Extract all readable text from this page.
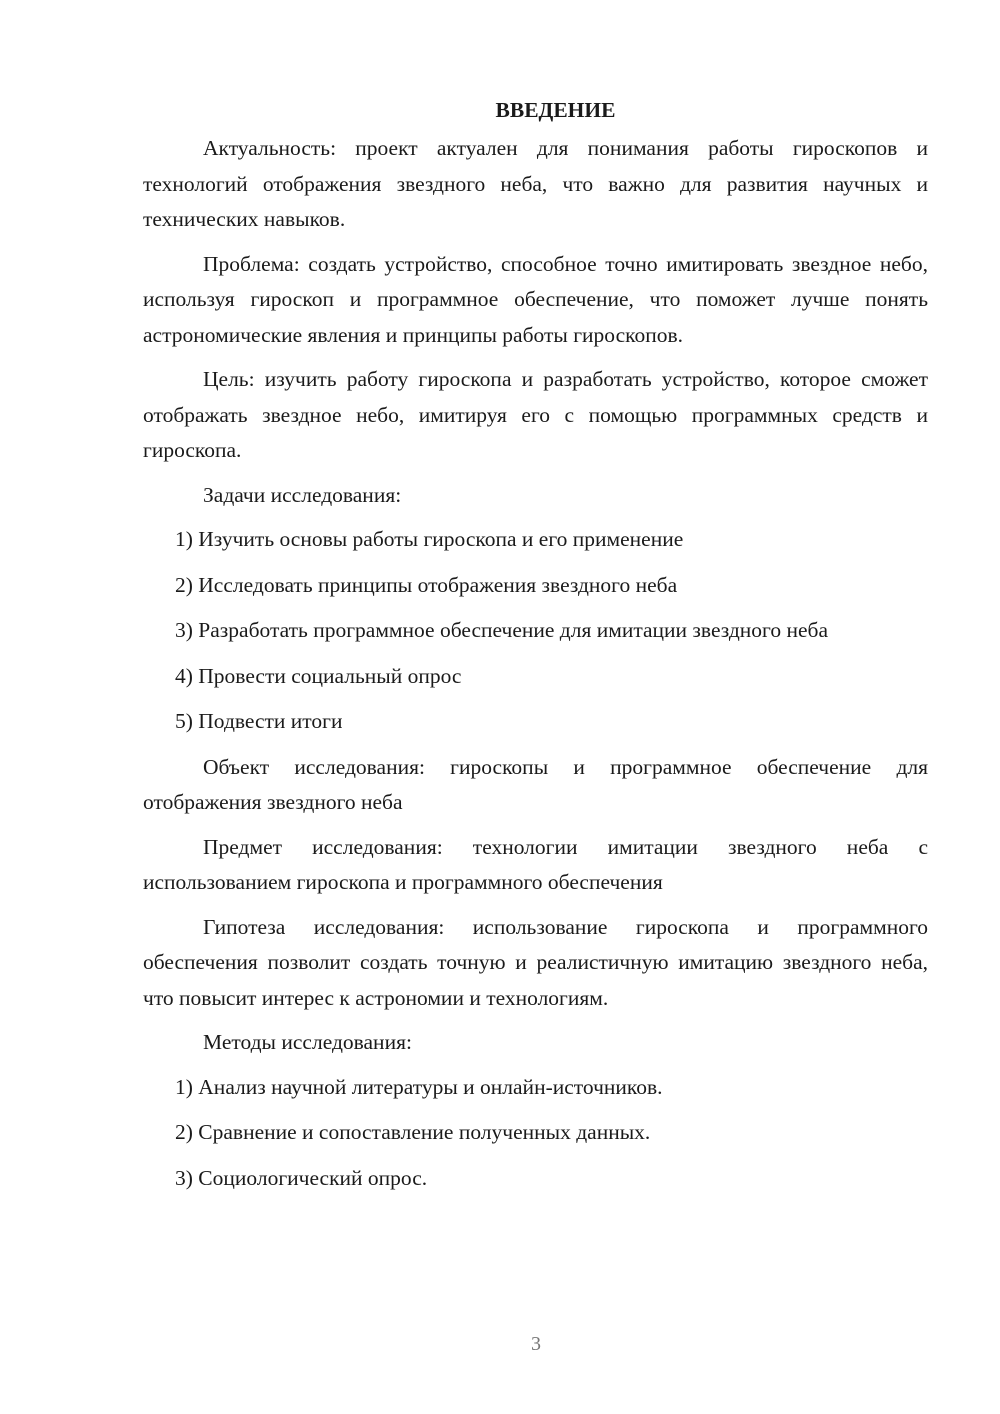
ВВЕДЕНИЕ

Актуальность: проект актуален для понимания работы гироскопов и технологий отображения звездного неба, что важно для развития научных и технических навыков.

Проблема: создать устройство, способное точно имитировать звездное небо, используя гироскоп и программное обеспечение, что поможет лучше понять астрономические явления и принципы работы гироскопов.

Цель: изучить работу гироскопа и разработать устройство, которое сможет отображать звездное небо, имитируя его с помощью программных средств и гироскопа.

Задачи исследования:

1) Изучить основы работы гироскопа и его применение

2) Исследовать принципы отображения звездного неба

3) Разработать программное обеспечение для имитации звездного неба

4) Провести социальный опрос

5) Подвести итоги

Объект исследования: гироскопы и программное обеспечение для отображения звездного неба

Предмет исследования: технологии имитации звездного неба с использованием гироскопа и программного обеспечения

Гипотеза исследования: использование гироскопа и программного обеспечения позволит создать точную и реалистичную имитацию звездного неба, что повысит интерес к астрономии и технологиям.

Методы исследования:

1) Анализ научной литературы и онлайн-источников.

2) Сравнение и сопоставление полученных данных.

3) Социологический опрос.

3
